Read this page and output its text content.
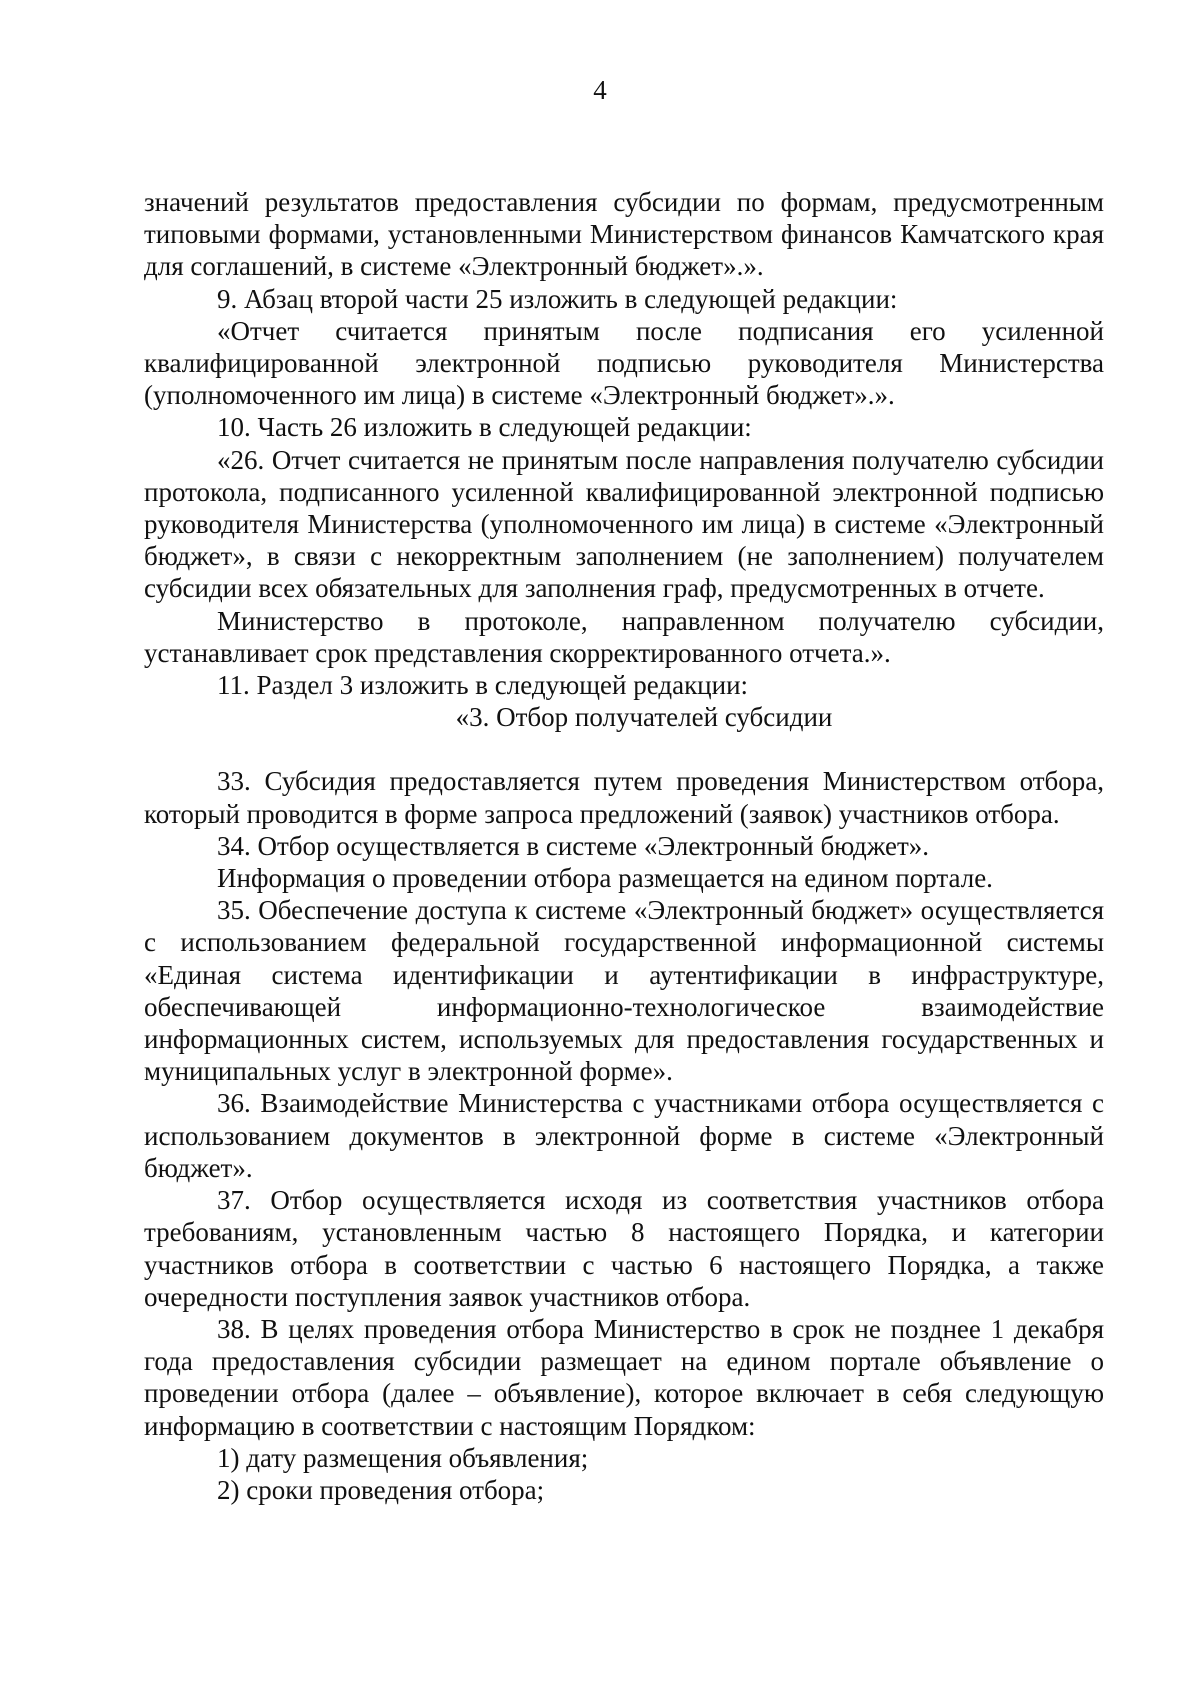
4

значений результатов предоставления субсидии по формам, предусмотренным типовыми формами, установленными Министерством финансов Камчатского края для соглашений, в системе «Электронный бюджет».».

9. Абзац второй части 25 изложить в следующей редакции:

«Отчет считается принятым после подписания его усиленной квалифицированной электронной подписью руководителя Министерства (уполномоченного им лица) в системе «Электронный бюджет».».

10. Часть 26 изложить в следующей редакции:

«26. Отчет считается не принятым после направления получателю субсидии протокола, подписанного усиленной квалифицированной электронной подписью руководителя Министерства (уполномоченного им лица) в системе «Электронный бюджет», в связи с некорректным заполнением (не заполнением) получателем субсидии всех обязательных для заполнения граф, предусмотренных в отчете.

Министерство в протоколе, направленном получателю субсидии, устанавливает срок представления скорректированного отчета.».

11. Раздел 3 изложить в следующей редакции:

«3. Отбор получателей субсидии

33. Субсидия предоставляется путем проведения Министерством отбора, который проводится в форме запроса предложений (заявок) участников отбора.

34. Отбор осуществляется в системе «Электронный бюджет».

Информация о проведении отбора размещается на едином портале.

35. Обеспечение доступа к системе «Электронный бюджет» осуществляется с использованием федеральной государственной информационной системы «Единая система идентификации и аутентификации в инфраструктуре, обеспечивающей информационно-технологическое взаимодействие информационных систем, используемых для предоставления государственных и муниципальных услуг в электронной форме».

36. Взаимодействие Министерства с участниками отбора осуществляется с использованием документов в электронной форме в системе «Электронный бюджет».

37. Отбор осуществляется исходя из соответствия участников отбора требованиям, установленным частью 8 настоящего Порядка, и категории участников отбора в соответствии с частью 6 настоящего Порядка, а также очередности поступления заявок участников отбора.

38. В целях проведения отбора Министерство в срок не позднее 1 декабря года предоставления субсидии размещает на едином портале объявление о проведении отбора (далее – объявление), которое включает в себя следующую информацию в соответствии с настоящим Порядком:

1) дату размещения объявления;

2) сроки проведения отбора;
